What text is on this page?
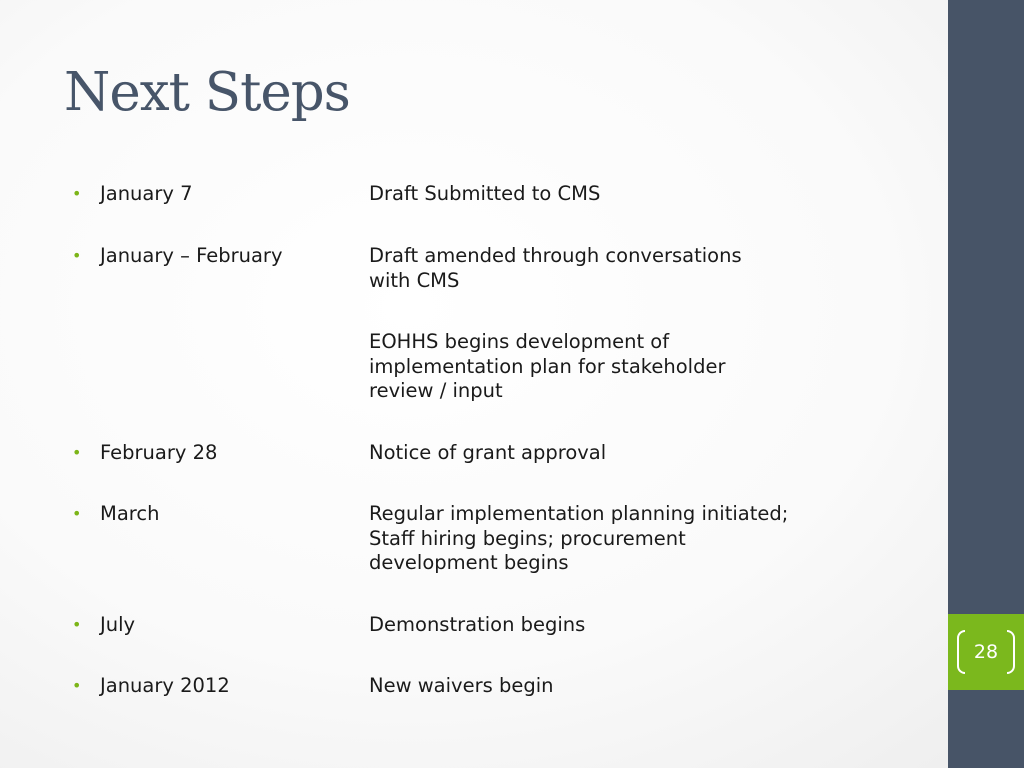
Next Steps
• January 7	Draft Submitted to CMS
• January – February	Draft amended through conversations with CMS
EOHHS begins development of implementation plan for stakeholder review / input
• February 28	Notice of grant approval
• March	Regular implementation planning initiated; Staff hiring begins; procurement development begins
• July	Demonstration begins
• January 2012	New waivers begin
28
